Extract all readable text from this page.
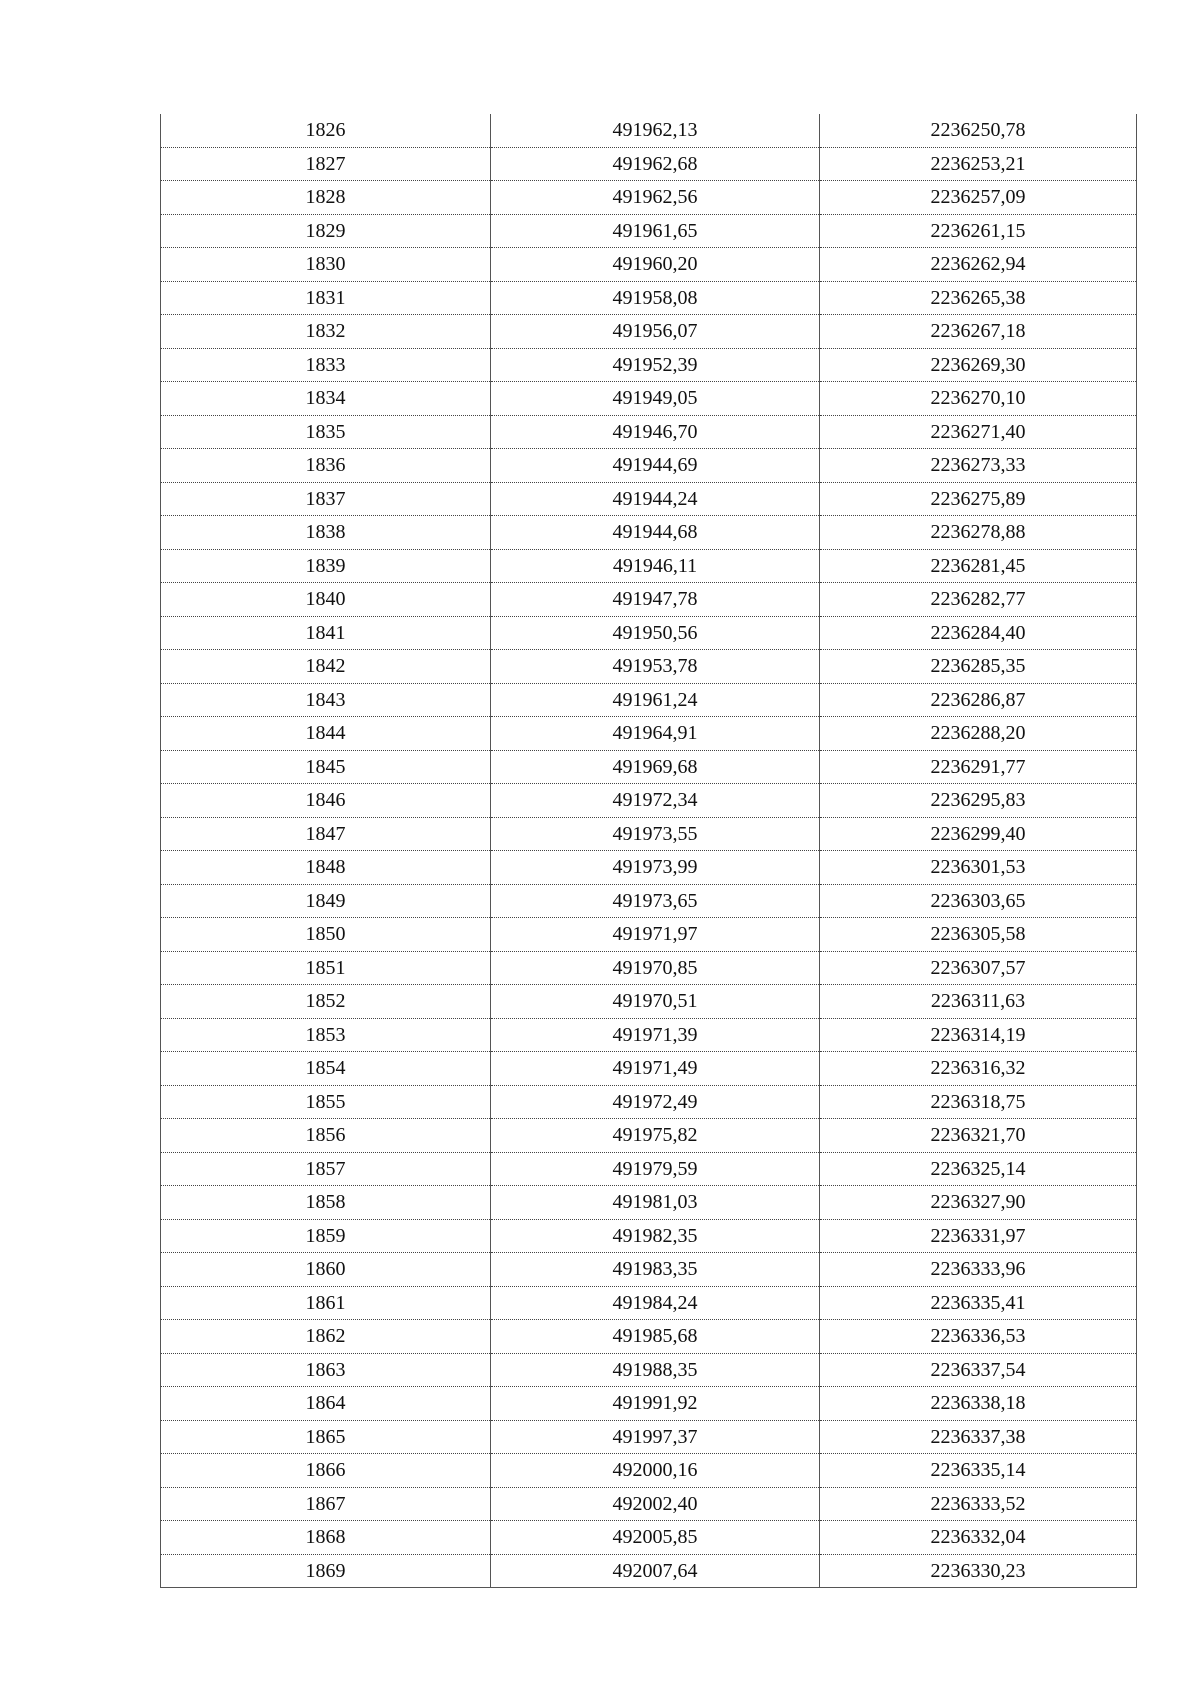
1826	491962,13	2236250,78
1827	491962,68	2236253,21
1828	491962,56	2236257,09
1829	491961,65	2236261,15
1830	491960,20	2236262,94
1831	491958,08	2236265,38
1832	491956,07	2236267,18
1833	491952,39	2236269,30
1834	491949,05	2236270,10
1835	491946,70	2236271,40
1836	491944,69	2236273,33
1837	491944,24	2236275,89
1838	491944,68	2236278,88
1839	491946,11	2236281,45
1840	491947,78	2236282,77
1841	491950,56	2236284,40
1842	491953,78	2236285,35
1843	491961,24	2236286,87
1844	491964,91	2236288,20
1845	491969,68	2236291,77
1846	491972,34	2236295,83
1847	491973,55	2236299,40
1848	491973,99	2236301,53
1849	491973,65	2236303,65
1850	491971,97	2236305,58
1851	491970,85	2236307,57
1852	491970,51	2236311,63
1853	491971,39	2236314,19
1854	491971,49	2236316,32
1855	491972,49	2236318,75
1856	491975,82	2236321,70
1857	491979,59	2236325,14
1858	491981,03	2236327,90
1859	491982,35	2236331,97
1860	491983,35	2236333,96
1861	491984,24	2236335,41
1862	491985,68	2236336,53
1863	491988,35	2236337,54
1864	491991,92	2236338,18
1865	491997,37	2236337,38
1866	492000,16	2236335,14
1867	492002,40	2236333,52
1868	492005,85	2236332,04
1869	492007,64	2236330,23
